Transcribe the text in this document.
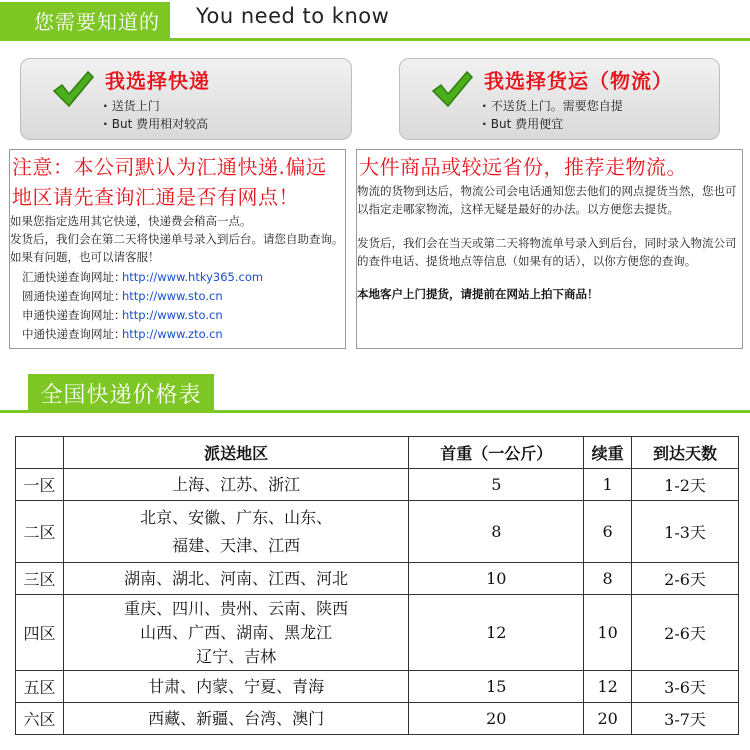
您需要知道的 You need to know
我选择快递
· 送货上门
· But 费用相对较高
我选择货运（物流）
· 不送货上门。需要您自提
· But 费用便宜
注意：本公司默认为汇通快递.偏远地区请先查询汇通是否有网点！
如果您指定选用其它快递，快递费会稍高一点。
发货后，我们会在第二天将快递单号录入到后台。请您自助查询。如果有问题，也可以请客服！
汇通快递查询网址：
http://www.htky365.com
圆通快递查询网址：
http://www.sto.cn
申通快递查询网址：
http://www.sto.cn
中通快递查询网址：
http://www.zto.cn
大件商品或较远省份，推荐走物流。
物流的货物到达后，物流公司会电话通知您去他们的网点提货当然，您也可以指定走哪家物流，这样无疑是最好的办法。以方便您去提货。
发货后，我们会在当天或第二天将物流单号录入到后台，同时录入物流公司的查件电话、提货地点等信息（如果有的话），以你方便您的查询。
本地客户上门提货，请提前在网站上拍下商品！
全国快递价格表
	派送地区	首重（一公斤）	续重	到达天数
一区	上海、江苏、浙江	5	1	1-2天
二区	北京、安徽、广东、山东、
福建、天津、江西	8	6	1-3天
三区	湖南、湖北、河南、江西、河北	10	8	2-6天
四区	重庆、四川、贵州、云南、陕西
山西、广西、湖南、黑龙江
辽宁、吉林	12	10	2-6天
五区	甘肃、内蒙、宁夏、青海	15	12	3-6天
六区	西藏、新疆、台湾、澳门	20	20	3-7天
